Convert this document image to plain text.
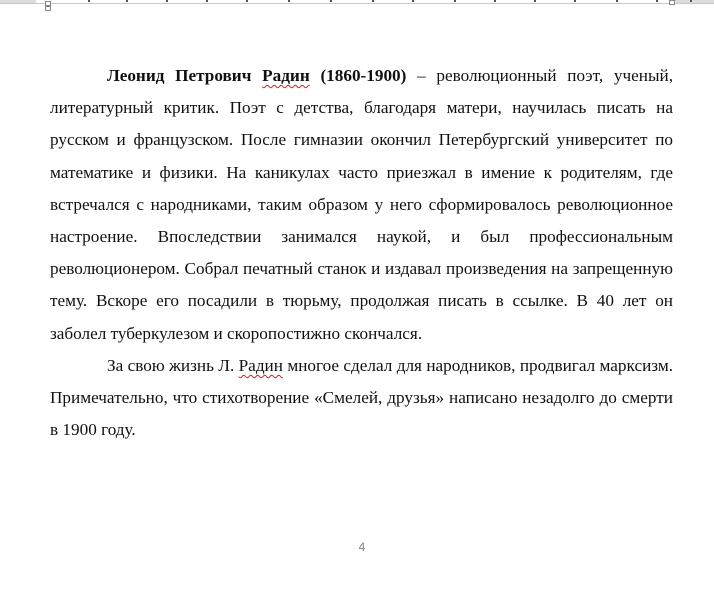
Леонид Петрович Радин (1860-1900) – революционный поэт, ученый, литературный критик. Поэт с детства, благодаря матери, научилась писать на русском и французском. После гимназии окончил Петербургский университет по математике и физики. На каникулах часто приезжал в имение к родителям, где встречался с народниками, таким образом у него сформировалось революционное настроение. Впоследствии занимался наукой, и был профессиональным революционером. Собрал печатный станок и издавал произведения на запрещенную тему. Вскоре его посадили в тюрьму, продолжая писать в ссылке. В 40 лет он заболел туберкулезом и скоропостижно скончался.

За свою жизнь Л. Радин многое сделал для народников, продвигал марксизм. Примечательно, что стихотворение «Смелей, друзья» написано незадолго до смерти в 1900 году.

4
